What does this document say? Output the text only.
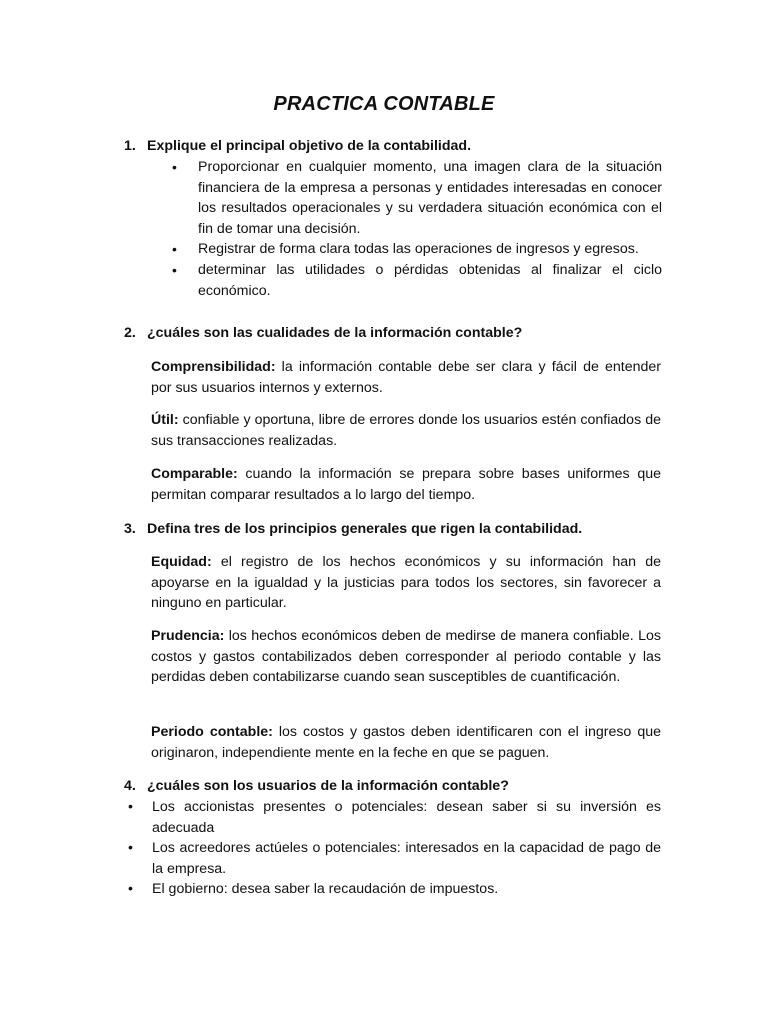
PRACTICA CONTABLE
1. Explique el principal objetivo de la contabilidad.
• Proporcionar en cualquier momento, una imagen clara de la situación financiera de la empresa a personas y entidades interesadas en conocer los resultados operacionales y su verdadera situación económica con el fin de tomar una decisión.
• Registrar de forma clara todas las operaciones de ingresos y egresos.
• determinar las utilidades o pérdidas obtenidas al finalizar el ciclo económico.
2. ¿cuáles son las cualidades de la información contable?
Comprensibilidad: la información contable debe ser clara y fácil de entender por sus usuarios internos y externos.
Útil: confiable y oportuna, libre de errores donde los usuarios estén confiados de sus transacciones realizadas.
Comparable: cuando la información se prepara sobre bases uniformes que permitan comparar resultados a lo largo del tiempo.
3. Defina tres de los principios generales que rigen la contabilidad.
Equidad: el registro de los hechos económicos y su información han de apoyarse en la igualdad y la justicias para todos los sectores, sin favorecer a ninguno en particular.
Prudencia: los hechos económicos deben de medirse de manera confiable. Los costos y gastos contabilizados deben corresponder al periodo contable y las perdidas deben contabilizarse cuando sean susceptibles de cuantificación.
Periodo contable: los costos y gastos deben identificaren con el ingreso que originaron, independiente mente en la feche en que se paguen.
4. ¿cuáles son los usuarios de la información contable?
• Los accionistas presentes o potenciales: desean saber si su inversión es adecuada
• Los acreedores actúeles o potenciales: interesados en la capacidad de pago de la empresa.
• El gobierno: desea saber la recaudación de impuestos.
